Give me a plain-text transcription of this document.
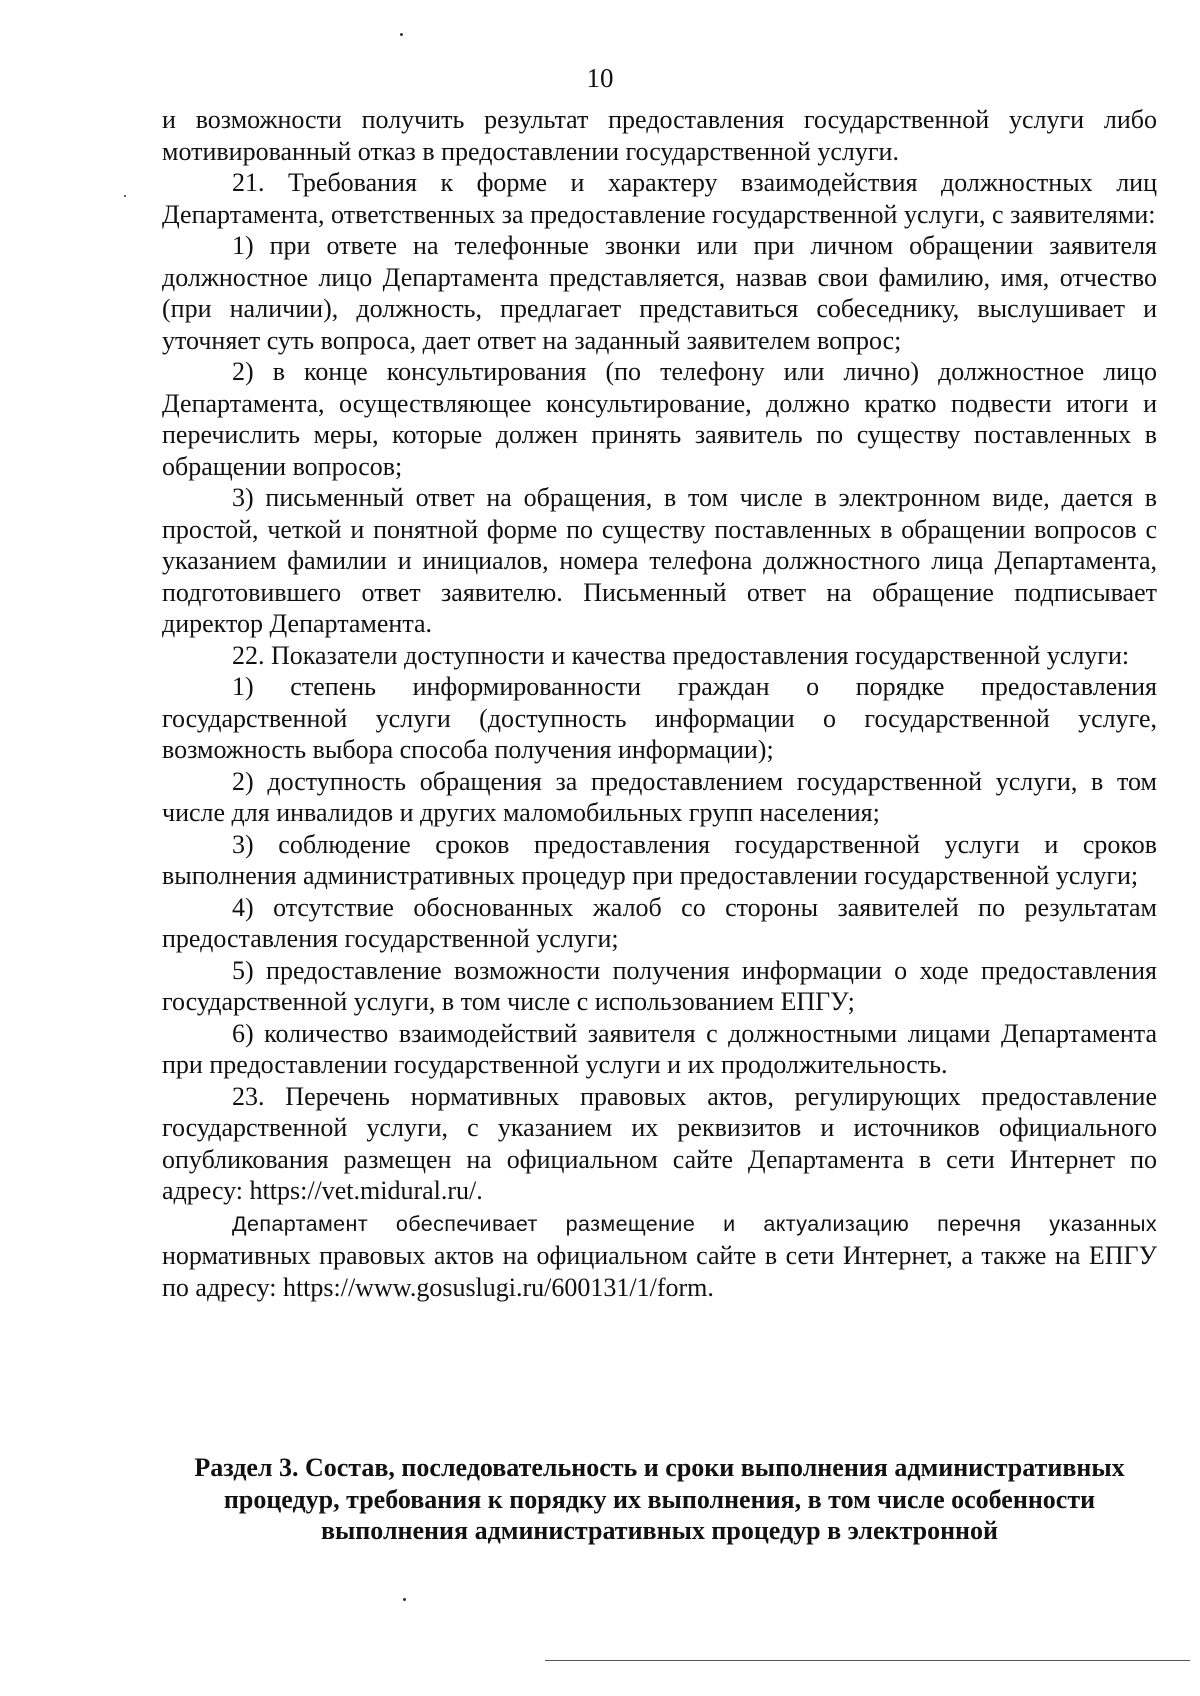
10

и возможности получить результат предоставления государственной услуги либо мотивированный отказ в предоставлении государственной услуги.

21. Требования к форме и характеру взаимодействия должностных лиц Департамента, ответственных за предоставление государственной услуги, с заявителями:

1) при ответе на телефонные звонки или при личном обращении заявителя должностное лицо Департамента представляется, назвав свои фамилию, имя, отчество (при наличии), должность, предлагает представиться собеседнику, выслушивает и уточняет суть вопроса, дает ответ на заданный заявителем вопрос;

2) в конце консультирования (по телефону или лично) должностное лицо Департамента, осуществляющее консультирование, должно кратко подвести итоги и перечислить меры, которые должен принять заявитель по существу поставленных в обращении вопросов;

3) письменный ответ на обращения, в том числе в электронном виде, дается в простой, четкой и понятной форме по существу поставленных в обращении вопросов с указанием фамилии и инициалов, номера телефона должностного лица Департамента, подготовившего ответ заявителю. Письменный ответ на обращение подписывает директор Департамента.

22. Показатели доступности и качества предоставления государственной услуги:

1) степень информированности граждан о порядке предоставления государственной услуги (доступность информации о государственной услуге, возможность выбора способа получения информации);

2) доступность обращения за предоставлением государственной услуги, в том числе для инвалидов и других маломобильных групп населения;

3) соблюдение сроков предоставления государственной услуги и сроков выполнения административных процедур при предоставлении государственной услуги;

4) отсутствие обоснованных жалоб со стороны заявителей по результатам предоставления государственной услуги;

5) предоставление возможности получения информации о ходе предоставления государственной услуги, в том числе с использованием ЕПГУ;

6) количество взаимодействий заявителя с должностными лицами Департамента при предоставлении государственной услуги и их продолжительность.

23. Перечень нормативных правовых актов, регулирующих предоставление государственной услуги, с указанием их реквизитов и источников официального опубликования размещен на официальном сайте Департамента в сети Интернет по адресу: https://vet.midural.ru/.

Департамент обеспечивает размещение и актуализацию перечня указанных нормативных правовых актов на официальном сайте в сети Интернет, а также на ЕПГУ по адресу: https://www.gosuslugi.ru/600131/1/form.

Раздел 3. Состав, последовательность и сроки выполнения административных процедур, требования к порядку их выполнения, в том числе особенности выполнения административных процедур в электронной
